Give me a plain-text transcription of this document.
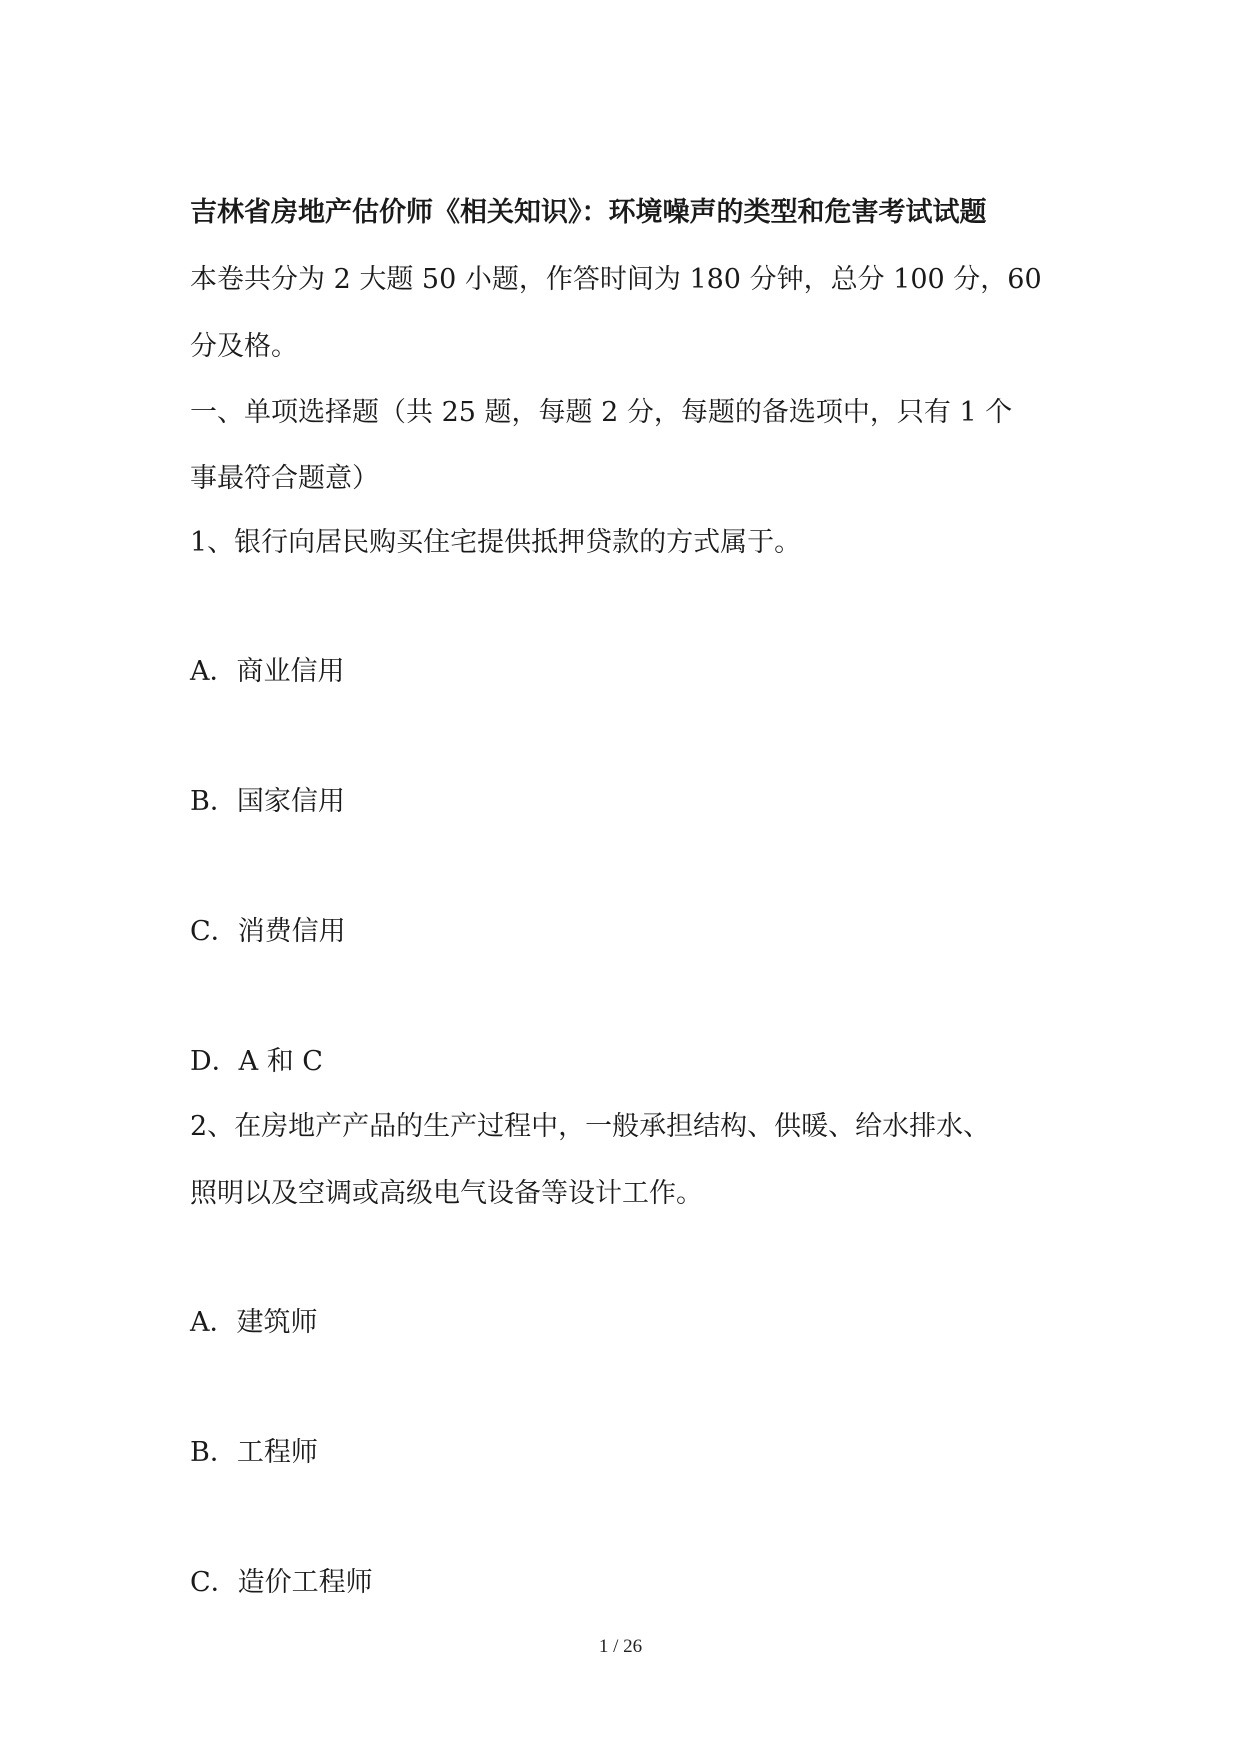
吉林省房地产估价师《相关知识》：环境噪声的类型和危害考试试题
本卷共分为 2 大题 50 小题，作答时间为 180 分钟，总分 100 分，60
分及格。
一、单项选择题（共 25 题，每题 2 分，每题的备选项中，只有 1 个
事最符合题意）
1、银行向居民购买住宅提供抵押贷款的方式属于。
A．商业信用
B．国家信用
C．消费信用
D．A 和 C
2、在房地产产品的生产过程中，一般承担结构、供暖、给水排水、
照明以及空调或高级电气设备等设计工作。
A．建筑师
B．工程师
C．造价工程师
1 / 26
